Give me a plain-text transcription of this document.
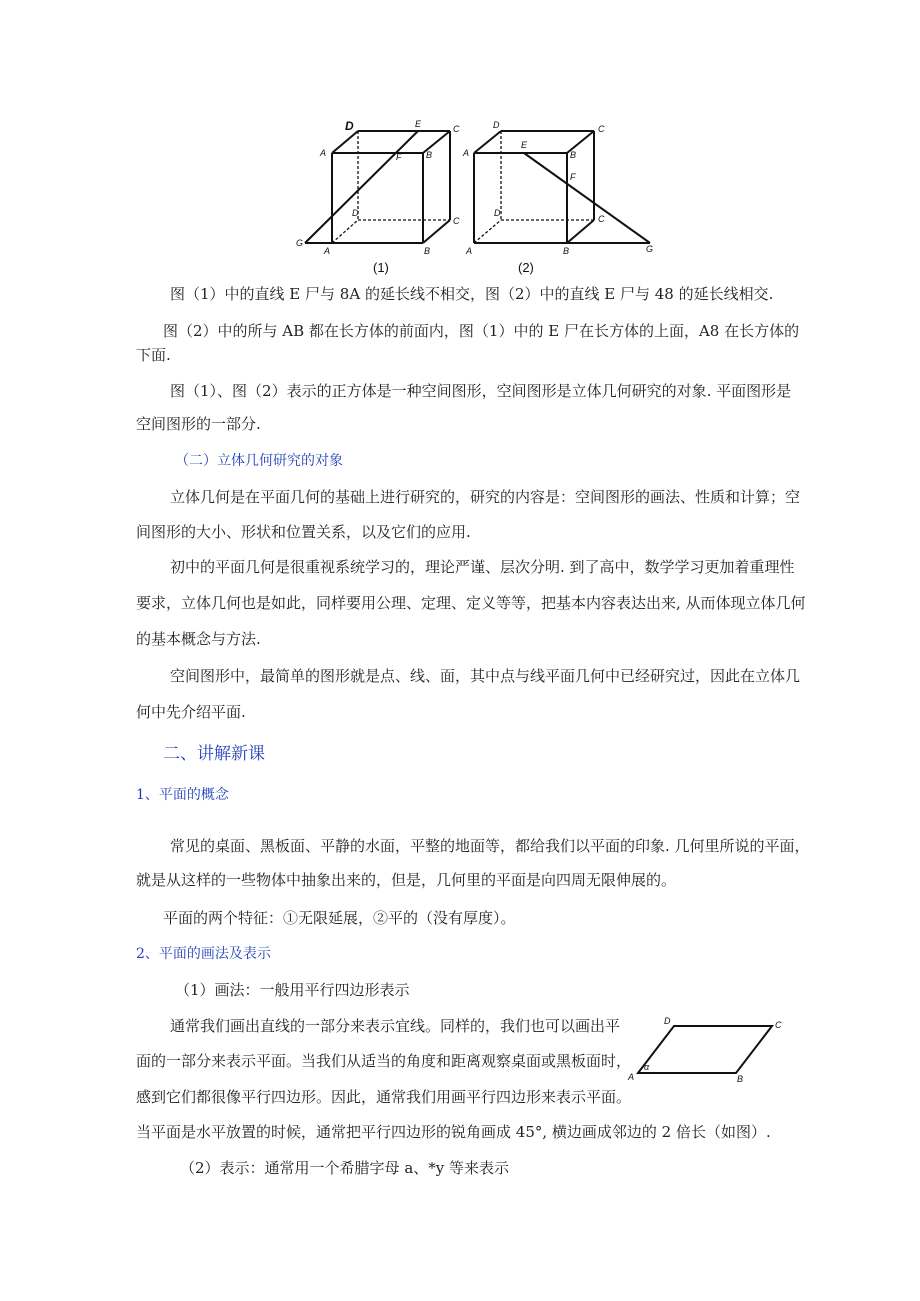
D	E	C
A	F	B
D
C
G
A	B
(1)
D	C
A
E
B
F
D
C
A	B	G
(2)
图（1）中的直线 E 尸与 8A 的延长线不相交，图（2）中的直线 E 尸与 48 的延长线相交.
图（2）中的所与 AB 都在长方体的前面内，图（1）中的 E 尸在长方体的上面，A8 在长方体的
下面.
图（1）、图（2）表示的正方体是一种空间图形，空间图形是立体几何研究的对象. 平面图形是
空间图形的一部分.
（二）立体几何研究的对象
立体几何是在平面几何的基础上进行研究的，研究的内容是：空间图形的画法、性质和计算；空
间图形的大小、形状和位置关系，以及它们的应用.
初中的平面几何是很重视系统学习的，理论严谨、层次分明. 到了高中，数学学习更加着重理性
要求，立体几何也是如此，同样要用公理、定理、定义等等，把基本内容表达出来, 从而体现立体几何
的基本概念与方法.
空间图形中，最简单的图形就是点、线、面，其中点与线平面几何中已经研究过，因此在立体几
何中先介绍平面.
二、讲解新课
1、平面的概念
常见的桌面、黑板面、平静的水面，平整的地面等，都给我们以平面的印象. 几何里所说的平面，
就是从这样的一些物体中抽象出来的，但是，几何里的平面是向四周无限伸展的。
平面的两个特征：①无限延展，②平的（没有厚度）。
2、平面的画法及表示
（1）画法：一般用平行四边形表示
通常我们画出直线的一部分来表示宜线。同样的，我们也可以画出平
面的一部分来表示平面。当我们从适当的角度和距离观察桌面或黑板面时，
感到它们都很像平行四边形。因此，通常我们用画平行四边形来表示平面。
当平面是水平放置的时候，通常把平行四边形的锐角画成 45°, 横边画成邻边的 2 倍长（如图）.
（2）表示：通常用一个希腊字母 a、*y 等来表示
D	C
A	B
α
